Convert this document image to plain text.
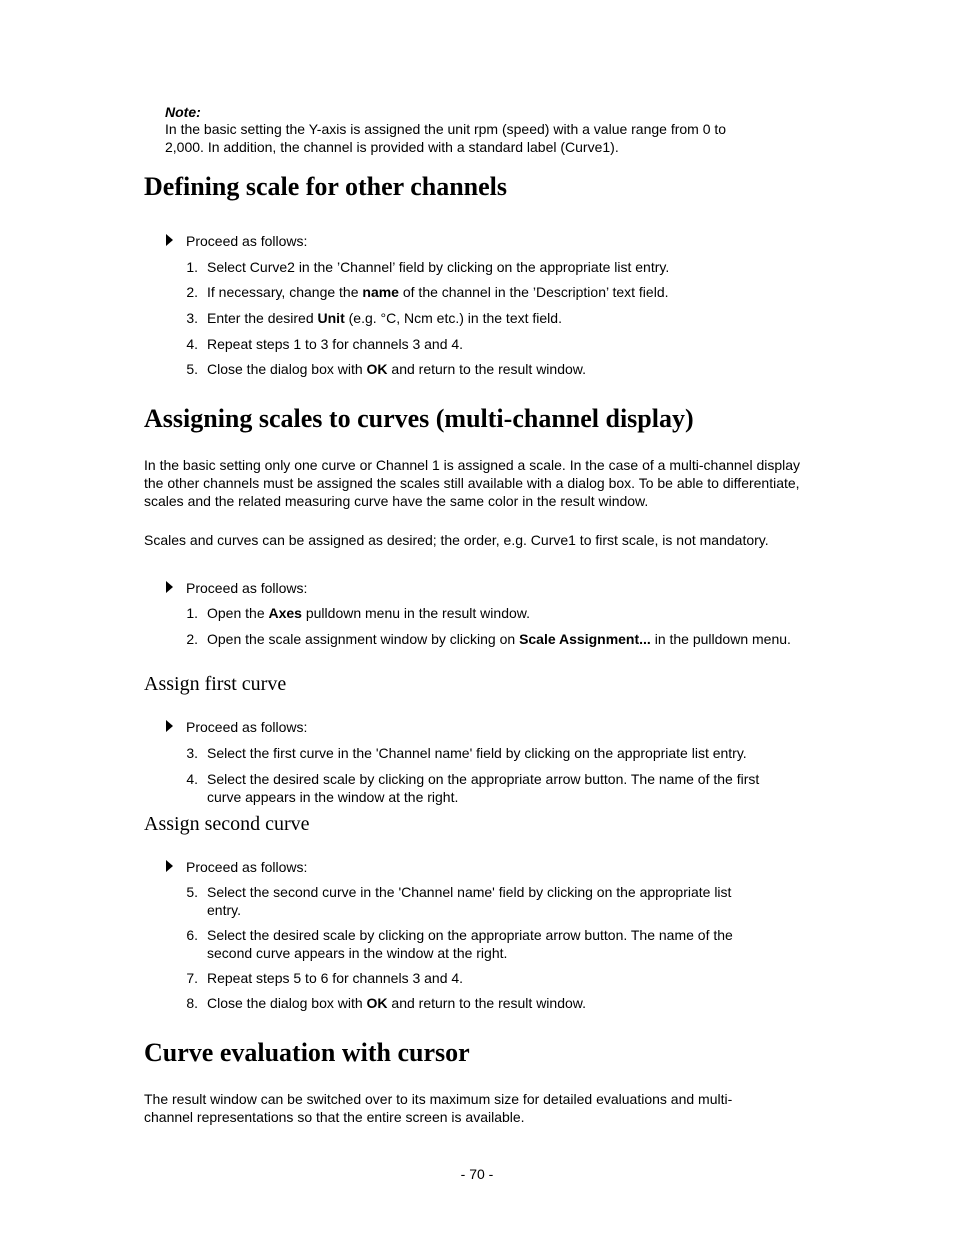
Note:
In the basic setting the Y-axis is assigned the unit rpm (speed) with a value range from 0 to 2,000. In addition, the channel is provided with a standard label (Curve1).
Defining scale for other channels
Proceed as follows:
1. Select Curve2 in the ’Channel’ field by clicking on the appropriate list entry.
2. If necessary, change the name of the channel in the ’Description’ text field.
3. Enter the desired Unit (e.g. °C, Ncm etc.) in the text field.
4. Repeat steps 1 to 3 for channels 3 and 4.
5. Close the dialog box with OK and return to the result window.
Assigning scales to curves (multi-channel display)
In the basic setting only one curve or Channel 1 is assigned a scale. In the case of a multi-channel display the other channels must be assigned the scales still available with a dialog box. To be able to differentiate, scales and the related measuring curve have the same color in the result window.
Scales and curves can be assigned as desired; the order, e.g. Curve1 to first scale, is not mandatory.
Proceed as follows:
1. Open the Axes pulldown menu in the result window.
2. Open the scale assignment window by clicking on Scale Assignment... in the pulldown menu.
Assign first curve
Proceed as follows:
3. Select the first curve in the 'Channel name' field by clicking on the appropriate list entry.
4. Select the desired scale by clicking on the appropriate arrow button. The name of the first curve appears in the window at the right.
Assign second curve
Proceed as follows:
5. Select the second curve in the 'Channel name' field by clicking on the appropriate list entry.
6. Select the desired scale by clicking on the appropriate arrow button. The name of the second curve appears in the window at the right.
7. Repeat steps 5 to 6 for channels 3 and 4.
8. Close the dialog box with OK and return to the result window.
Curve evaluation with cursor
The result window can be switched over to its maximum size for detailed evaluations and multi-channel representations so that the entire screen is available.
- 70 -
